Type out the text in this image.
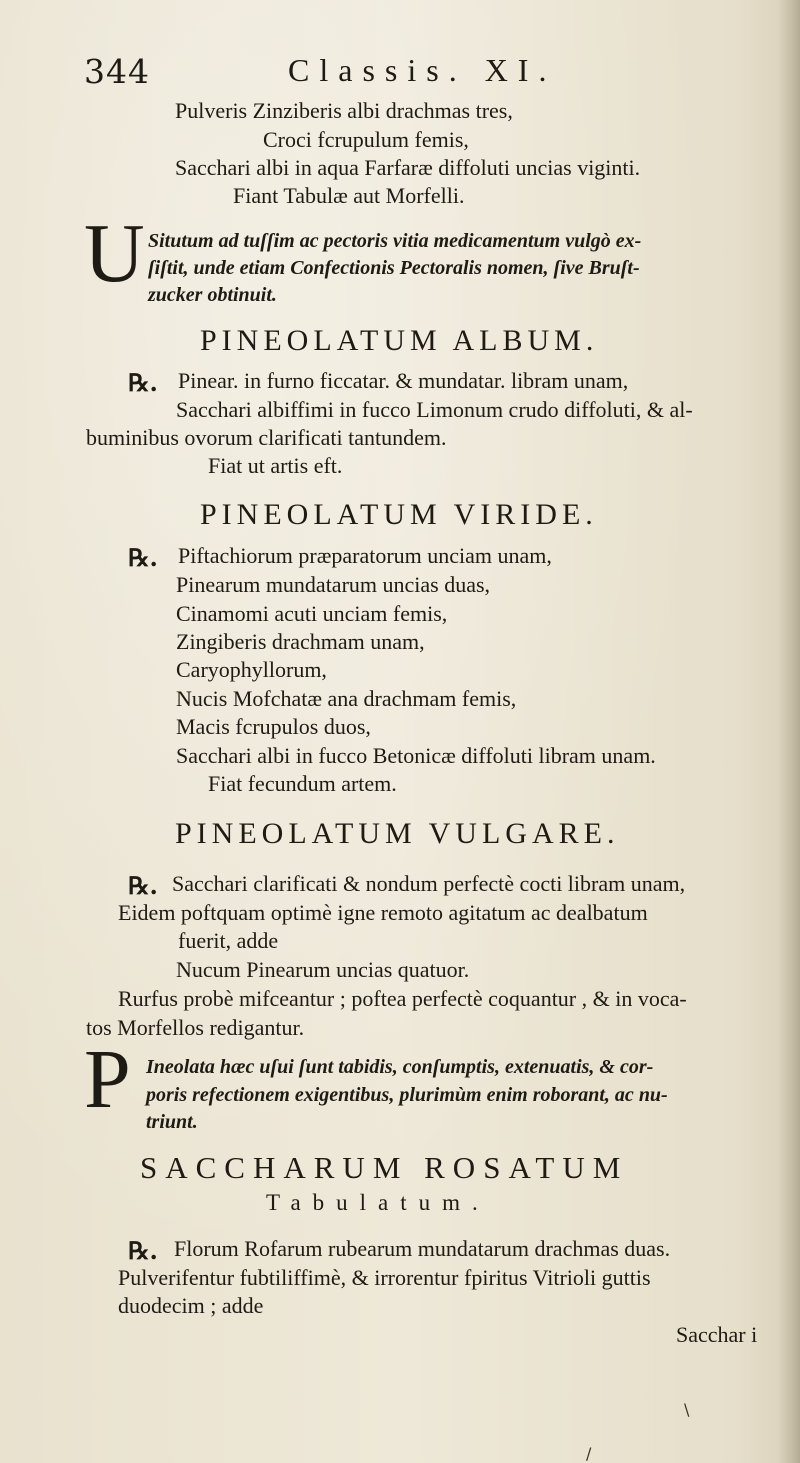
344	Classis. XI.
Pulveris Zinziberis albi drachmas tres,
Croci fcrupulum femis,
Sacchari albi in aqua Farfaræ diffoluti uncias viginti.
Fiant Tabulæ aut Morfelli.
U Situtum ad tuſſim ac pectoris vitia medicamentum vulgò ex-
ſiſtit, unde etiam Confectionis Pectoralis nomen, ſive Bruſt-
zucker obtinuit.
PINEOLATUM ALBUM.
℞. Pinear. in furno ficcatar. & mundatar. libram unam,
Sacchari albiffimi in fucco Limonum crudo diffoluti, & al-
buminibus ovorum clarificati tantundem.
Fiat ut artis eft.
PINEOLATUM VIRIDE.
℞. Piftachiorum præparatorum unciam unam,
Pinearum mundatarum uncias duas,
Cinamomi acuti unciam femis,
Zingiberis drachmam unam,
Caryophyllorum,
Nucis Mofchatæ ana drachmam femis,
Macis fcrupulos duos,
Sacchari albi in fucco Betonicæ diffoluti libram unam.
Fiat fecundum artem.
PINEOLATUM VULGARE.
℞. Sacchari clarificati & nondum perfectè cocti libram unam,
Eidem poftquam optimè igne remoto agitatum ac dealbatum
fuerit, adde
Nucum Pinearum uncias quatuor.
Rurfus probè mifceantur ; poftea perfectè coquantur , & in voca-
tos Morfellos redigantur.
P Ineolata hæc uſui ſunt tabidis, conſumptis, extenuatis, & cor-
poris refectionem exigentibus, plurimùm enim roborant, ac nu-
triunt.
SACCHARUM ROSATUM
Tabulatum.
℞. Florum Rofarum rubearum mundatarum drachmas duas.
Pulverifentur fubtiliffimè, & irrorentur fpiritus Vitrioli guttis
duodecim ; adde
Sacchar i
\
/
